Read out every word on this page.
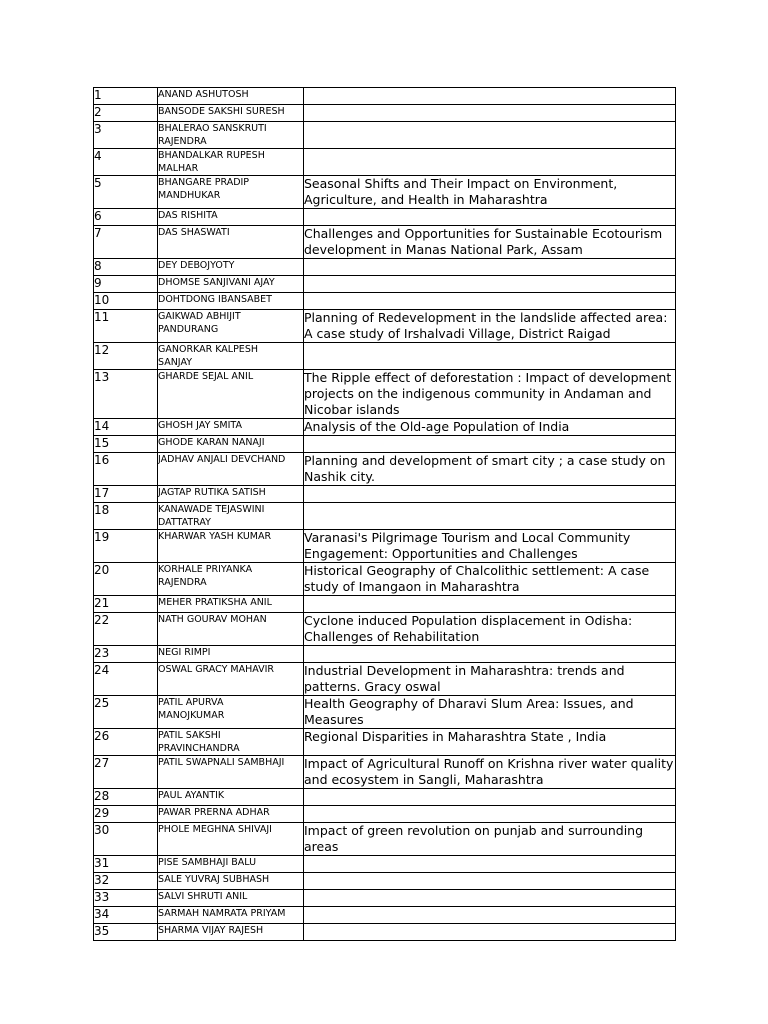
1	ANAND ASHUTOSH	
2	BANSODE SAKSHI SURESH	
3	BHALERAO SANSKRUTI
RAJENDRA	
4	BHANDALKAR RUPESH
MALHAR	
5	BHANGARE PRADIP
MANDHUKAR	Seasonal Shifts and Their Impact on Environment, Agriculture, and Health in Maharashtra
6	DAS RISHITA	
7	DAS SHASWATI	Challenges and Opportunities for Sustainable Ecotourism development in Manas National Park, Assam
8	DEY DEBOJYOTY	
9	DHOMSE SANJIVANI AJAY	
10	DOHTDONG IBANSABET	
11	GAIKWAD ABHIJIT
PANDURANG	Planning of Redevelopment in the landslide affected area: A case study of Irshalvadi Village, District Raigad
12	GANORKAR KALPESH
SANJAY	
13	GHARDE SEJAL ANIL	The Ripple effect of deforestation : Impact of development projects on the indigenous community in Andaman and Nicobar islands
14	GHOSH JAY SMITA	Analysis of the Old-age Population of India
15	GHODE KARAN NANAJI	
16	JADHAV ANJALI DEVCHAND	Planning and development of smart city ; a case study on Nashik city.
17	JAGTAP RUTIKA SATISH	
18	KANAWADE TEJASWINI
DATTATRAY	
19	KHARWAR YASH KUMAR	Varanasi's Pilgrimage Tourism and Local Community Engagement: Opportunities and Challenges
20	KORHALE PRIYANKA
RAJENDRA	Historical Geography of Chalcolithic settlement: A case study of Imangaon in Maharashtra
21	MEHER PRATIKSHA ANIL	
22	NATH GOURAV MOHAN	Cyclone induced Population displacement in Odisha: Challenges of Rehabilitation
23	NEGI RIMPI	
24	OSWAL GRACY MAHAVIR	Industrial Development in Maharashtra: trends and patterns. Gracy oswal
25	PATIL APURVA
MANOJKUMAR	Health Geography of Dharavi Slum Area: Issues, and Measures
26	PATIL SAKSHI
PRAVINCHANDRA	Regional Disparities in Maharashtra State , India
27	PATIL SWAPNALI SAMBHAJI	Impact of Agricultural Runoff on Krishna river water quality and ecosystem in Sangli, Maharashtra
28	PAUL AYANTIK	
29	PAWAR PRERNA ADHAR	
30	PHOLE MEGHNA SHIVAJI	Impact of green revolution on punjab and surrounding areas
31	PISE SAMBHAJI BALU	
32	SALE YUVRAJ SUBHASH	
33	SALVI SHRUTI ANIL	
34	SARMAH NAMRATA PRIYAM	
35	SHARMA VIJAY RAJESH	
